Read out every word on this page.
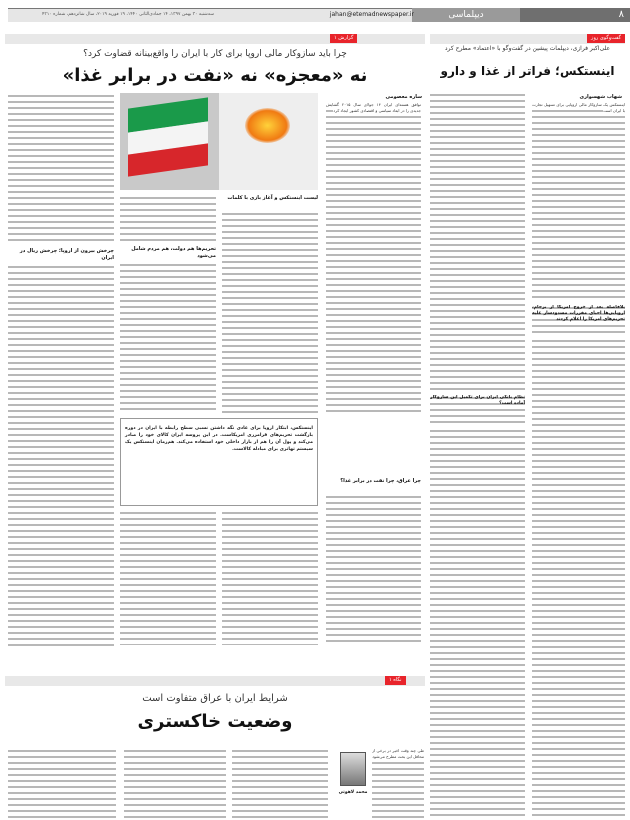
۸
دیپلماسی
jahan@etemadnewspaper.ir
سه‌شنبه ۳۰ بهمن ۱۳۹۷، ۱۴ جمادی‌الثانی ۱۴۴۰، ۱۹ فوریه ۲۰۱۹، سال شانزدهم، شماره ۴۳۱۰
گفت‌وگوی روز
علی‌اکبر فرازی، دیپلمات پیشین در گفت‌وگو با «اعتماد» مطرح کرد
اینستکس؛ فراتر از غذا و دارو
شهاب شهسواری
اینستکس یک سازوکار مالی اروپایی برای تسهیل تجارت با ایران است
بلافاصله بعد از خروج امریکا از برجام، اروپایی‌ها احیای مقررات مسدودساز علیه تحریم‌های امریکا را اعلام کردند
نظام بانکی ایران برای تکمیل این سازوکار آماده است؟
گزارش ۱
چرا باید سازوکار مالی اروپا برای کار با ایران را واقع‌بینانه قضاوت کرد؟
نه «معجزه» نه «نفت در برابر غذا»
ساره معصومی
توافق هسته‌ای ایران ۱۴ جولای سال ۲۰۱۵ گشایش جدیدی را در ابعاد سیاسی و اقتصادی کشور ایجاد کرد
چرا عراق، چرا نفت در برابر غذا؟
لیست اینستکس و آغاز بازی با کلمات
تحریم‌ها هم دولت، هم مردم شامل می‌شود
اینستکس، ابتکار اروپا برای عادی نگه داشتن نسبی سطح رابطه با ایران در دوره بازگشت تحریم‌های فرامرزی امریکاست. در این پروسه ایران کالای خود را صادر می‌کند و پول آن را هم از بازار داخلی خود استفاده می‌کند. هم‌زمان اینستکس یک سیستم تهاتری برای مبادله کالاست.
چرخش بیرون از اروپا؛ چرخش ریال در ایران
نگاه ۱
شرایط ایران با عراق متفاوت است
وضعیت خاکستری
محمد لاهوتی
طی چند وقت اخیر در برخی از محافل این بحث مطرح می‌شود
